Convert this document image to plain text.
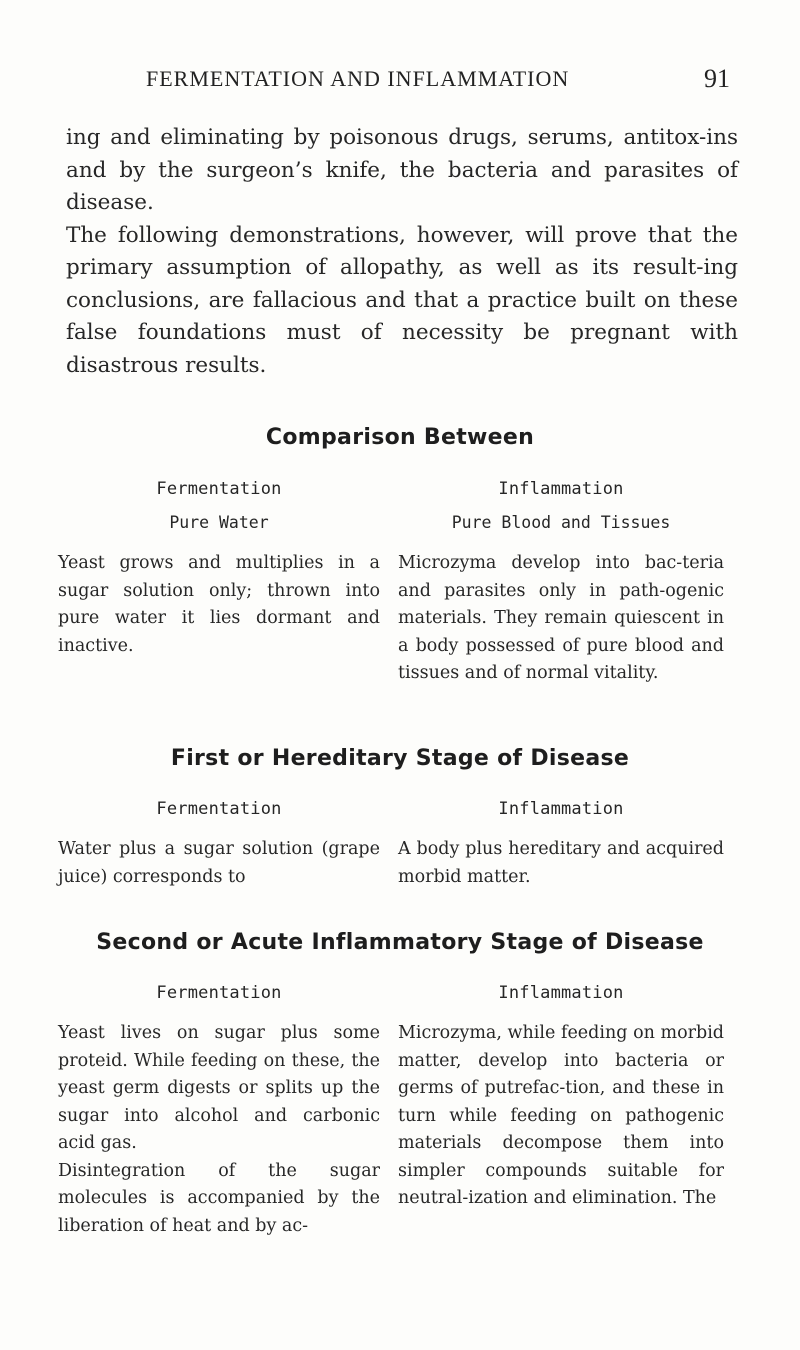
FERMENTATION AND INFLAMMATION	91

ing and eliminating by poisonous drugs, serums, antitox-ins and by the surgeon’s knife, the bacteria and parasites of disease.

The following demonstrations, however, will prove that the primary assumption of allopathy, as well as its result-ing conclusions, are fallacious and that a practice built on these false foundations must of necessity be pregnant with disastrous results.

Comparison Between

Fermentation

Pure Water

Yeast grows and multiplies in a sugar solution only; thrown into pure water it lies dormant and inactive.

Inflammation

Pure Blood and Tissues

Microzyma develop into bac-teria and parasites only in path-ogenic materials. They remain quiescent in a body possessed of pure blood and tissues and of normal vitality.

First or Hereditary Stage of Disease

Fermentation

Water plus a sugar solution (grape juice) corresponds to

Inflammation

A body plus hereditary and acquired morbid matter.

Second or Acute Inflammatory Stage of Disease

Fermentation

Yeast lives on sugar plus some proteid. While feeding on these, the yeast germ digests or splits up the sugar into alcohol and carbonic acid gas.

Disintegration of the sugar molecules is accompanied by the liberation of heat and by ac-

Inflammation

Microzyma, while feeding on morbid matter, develop into bacteria or germs of putrefac-tion, and these in turn while feeding on pathogenic materials decompose them into simpler compounds suitable for neutral-ization and elimination. The
